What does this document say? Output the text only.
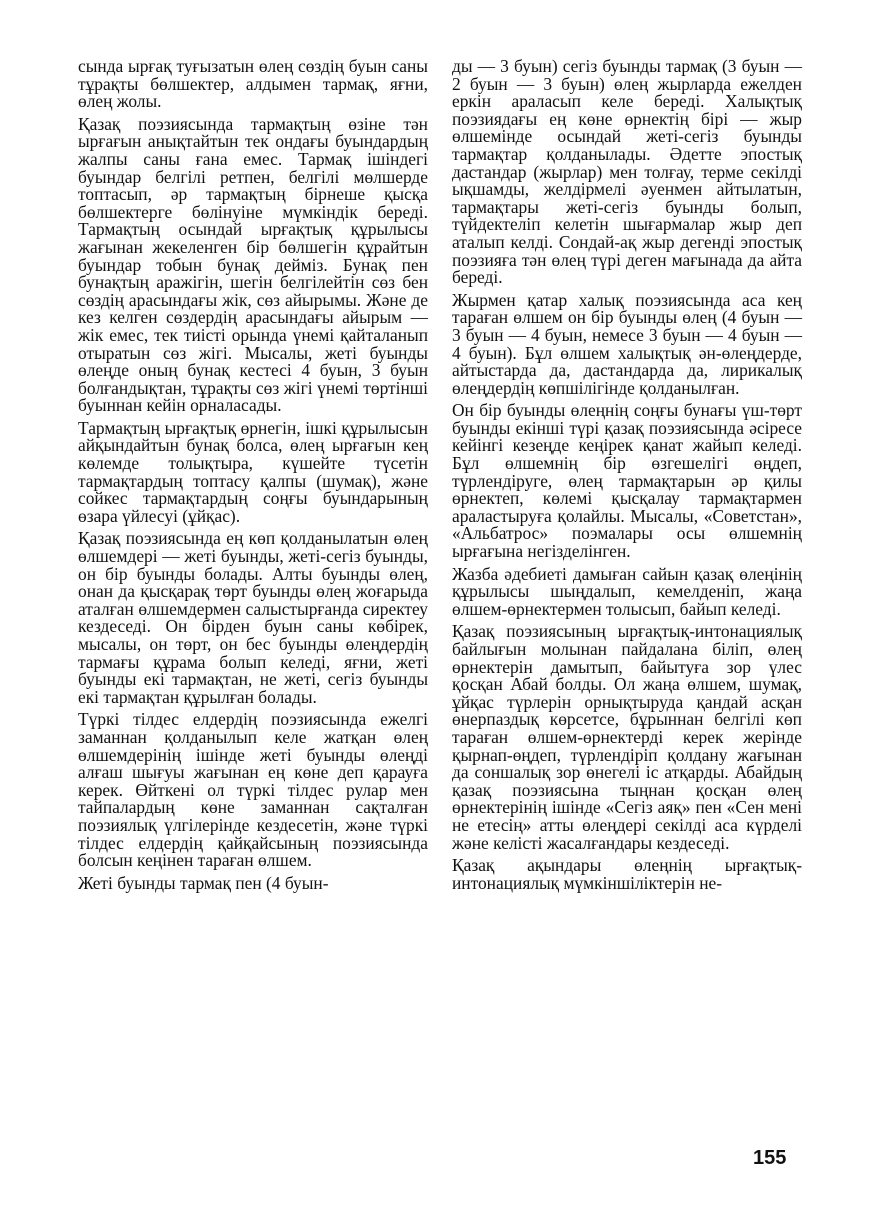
сында ырғақ туғызатын өлең сөздің буын саны тұрақты бөлшектер, алдымен тармақ, яғни, өлең жолы.

Қазақ поэзиясында тармақтың өзіне тән ырғағын анықтайтын тек ондағы буындардың жалпы саны ғана емес. Тармақ ішіндегі буындар белгілі ретпен, белгілі мөлшерде топтасып, әр тармақтың бірнеше қысқа бөлшектерге бөлінуіне мүмкіндік береді. Тармақтың осындай ырғақтық құрылысы жағынан жекеленген бір бөлшегін құрайтын буындар тобын бунақ дейміз. Бунақ пен бунақтың аражігін, шегін белгілейтін сөз бен сөздің арасындағы жік, сөз айырымы. Және де кез келген сөздердің арасындағы айырым — жік емес, тек тиісті орында үнемі қайталанып отыратын сөз жігі. Мысалы, жеті буынды өлеңде оның бунақ кестесі 4 буын, 3 буын болғандықтан, тұрақты сөз жігі үнемі төртінші буыннан кейін орналасады.

Тармақтың ырғақтық өрнегін, ішкі құрылысын айқындайтын бунақ болса, өлең ырғағын кең көлемде толықтыра, күшейте түсетін тармақтардың топтасу қалпы (шумақ), және сойкес тармақтардың соңғы буындарының өзара үйлесуі (ұйқас).

Қазақ поэзиясында ең көп қолданылатын өлең өлшемдері — жеті буынды, жеті-сегіз буынды, он бір буынды болады. Алты буынды өлең, онан да қысқарақ төрт буынды өлең жоғарыда аталған өлшемдермен салыстырғанда сиректеу кездеседі. Он бірден буын саны көбірек, мысалы, он төрт, он бес буынды өлеңдердің тармағы құрама болып келеді, яғни, жеті буынды екі тармақтан, не жеті, сегіз буынды екі тармақтан құрылған болады.

Түркі тілдес елдердің поэзиясында ежелгі заманнан қолданылып келе жатқан өлең өлшемдерінің ішінде жеті буынды өлеңді алғаш шығуы жағынан ең көне деп қарауға керек. Өйткені ол түркі тілдес рулар мен тайпалардың көне заманнан сақталған поэзиялық үлгілерінде кездесетін, және түркі тілдес елдердің қайқайсының поэзиясында болсын кеңінен тараған өлшем.

Жеті буынды тармақ пен (4 буын-

ды — 3 буын) сегіз буынды тармақ (3 буын — 2 буын — 3 буын) өлең жырларда ежелден еркін араласып келе береді. Халықтық поэзиядағы ең көне өрнектің бірі — жыр өлшемінде осындай жеті-сегіз буынды тармақтар қолданылады. Әдетте эпостық дастандар (жырлар) мен толғау, терме секілді ықшамды, желдірмелі әуенмен айтылатын, тармақтары жеті-сегіз буынды болып, түйдектеліп келетін шығармалар жыр деп аталып келді. Сондай-ақ жыр дегенді эпостық поэзияға тән өлең түрі деген мағынада да айта береді.

Жырмен қатар халық поэзиясында аса кең тараған өлшем он бір буынды өлең (4 буын — 3 буын — 4 буын, немесе 3 буын — 4 буын — 4 буын). Бұл өлшем халықтық ән-өлеңдерде, айтыстарда да, дастандарда да, лирикалық өлеңдердің көпшілігінде қолданылған.

Он бір буынды өлеңнің соңғы бунағы үш-төрт буынды екінші түрі қазақ поэзиясында әсіресе кейінгі кезеңде кеңірек қанат жайып келеді. Бұл өлшемнің бір өзгешелігі өңдеп, түрлендіруге, өлең тармақтарын әр қилы өрнектеп, көлемі қысқалау тармақтармен араластыруға қолайлы. Мысалы, «Советстан», «Альбатрос» поэмалары осы өлшемнің ырғағына негізделінген.

Жазба әдебиеті дамыған сайын қазақ өлеңінің құрылысы шыңдалып, кемелденіп, жаңа өлшем-өрнектермен толысып, байып келеді.

Қазақ поэзиясының ырғақтық-интонациялық байлығын молынан пайдалана біліп, өлең өрнектерін дамытып, байытуға зор үлес қосқан Абай болды. Ол жаңа өлшем, шумақ, ұйқас түрлерін орнықтырудa қандай асқан өнерпаздық көрсетсе, бұрыннан белгілі көп тараған өлшем-өрнектерді керек жерінде қырнап-өңдеп, түрлендіріп қолдану жағынан да соншалық зор өнегелі іс атқарды. Абайдың қазақ поэзиясына тыңнан қосқан өлең өрнектерінің ішінде «Сегіз аяқ» пен «Сен мені не етесің» атты өлеңдері секілді аса күрделі және келісті жасалғандары кездеседі.

Қазақ ақындары өлеңнің ырғақтық-интонациялық мүмкіншіліктерін не-

155
